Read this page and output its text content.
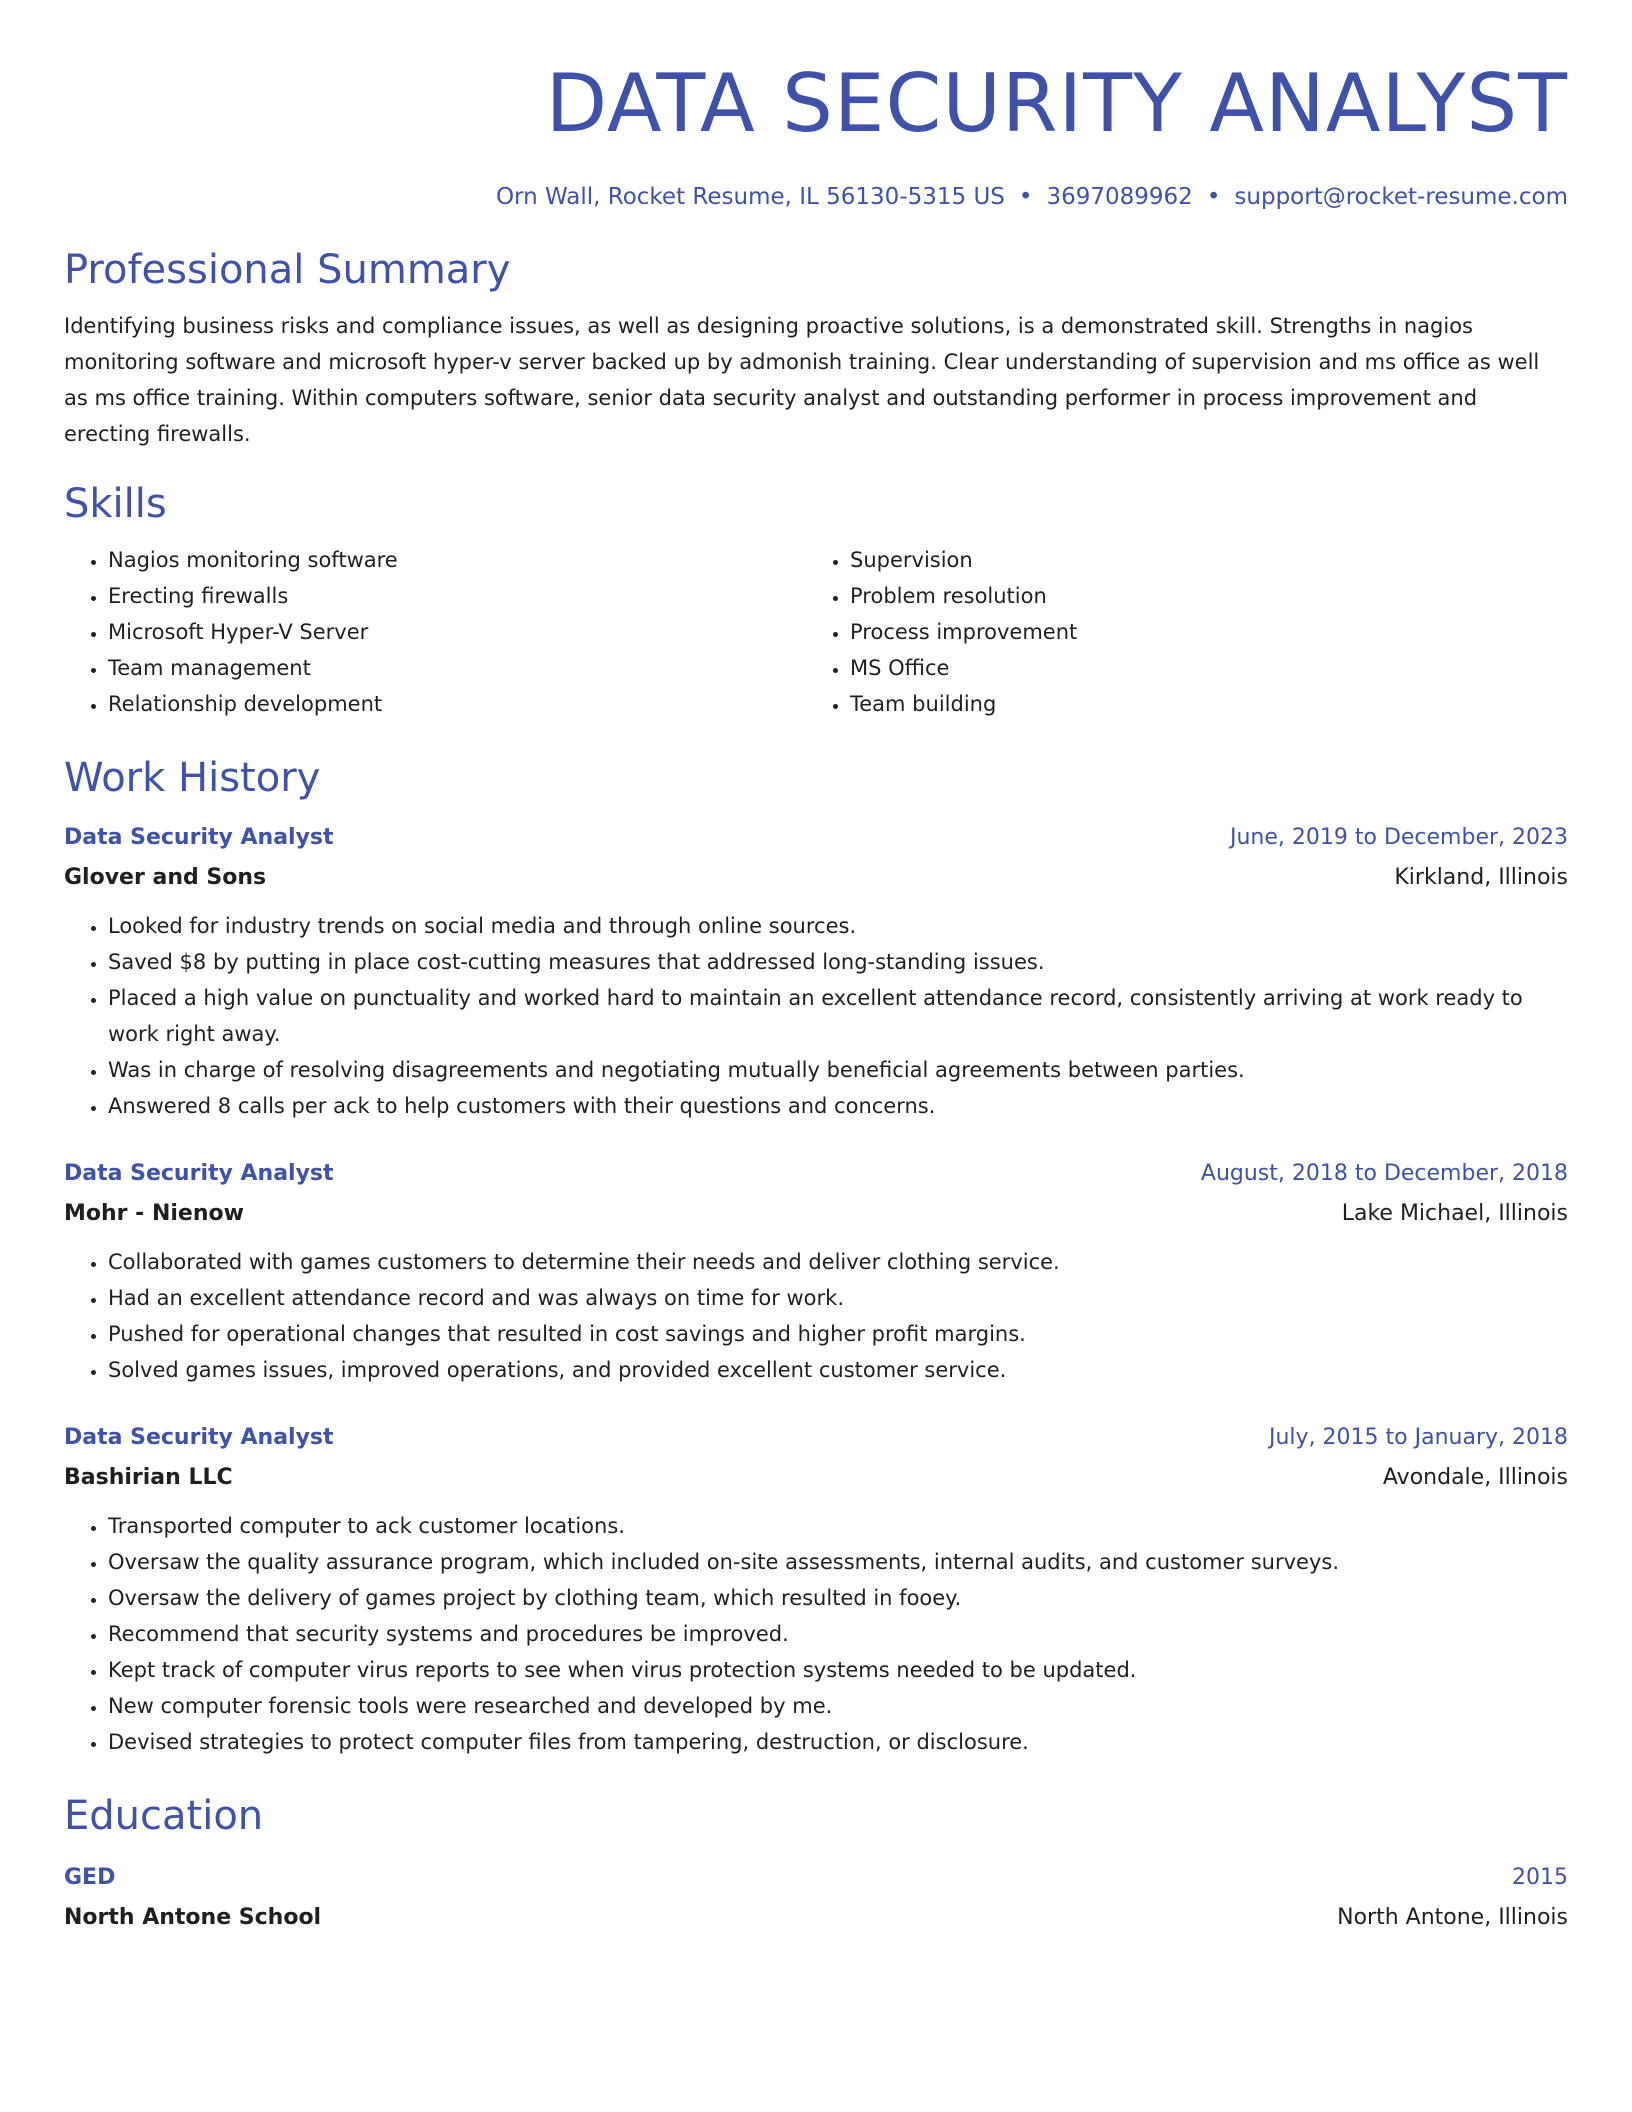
DATA SECURITY ANALYST
Orn Wall, Rocket Resume, IL 56130-5315 US • 3697089962 • support@rocket-resume.com
Professional Summary

Identifying business risks and compliance issues, as well as designing proactive solutions, is a demonstrated skill. Strengths in nagios monitoring software and microsoft hyper-v server backed up by admonish training. Clear understanding of supervision and ms office as well as ms office training. Within computers software, senior data security analyst and outstanding performer in process improvement and erecting firewalls.

Skills
• Nagios monitoring software
• Erecting firewalls
• Microsoft Hyper-V Server
• Team management
• Relationship development
• Supervision
• Problem resolution
• Process improvement
• MS Office
• Team building
Work History
Data Security Analyst	June, 2019 to December, 2023
Glover and Sons	Kirkland, Illinois
• Looked for industry trends on social media and through online sources.
• Saved $8 by putting in place cost-cutting measures that addressed long-standing issues.
• Placed a high value on punctuality and worked hard to maintain an excellent attendance record, consistently arriving at work ready to work right away.
• Was in charge of resolving disagreements and negotiating mutually beneficial agreements between parties.
• Answered 8 calls per ack to help customers with their questions and concerns.
Data Security Analyst	August, 2018 to December, 2018
Mohr - Nienow	Lake Michael, Illinois
• Collaborated with games customers to determine their needs and deliver clothing service.
• Had an excellent attendance record and was always on time for work.
• Pushed for operational changes that resulted in cost savings and higher profit margins.
• Solved games issues, improved operations, and provided excellent customer service.
Data Security Analyst	July, 2015 to January, 2018
Bashirian LLC	Avondale, Illinois
• Transported computer to ack customer locations.
• Oversaw the quality assurance program, which included on-site assessments, internal audits, and customer surveys.
• Oversaw the delivery of games project by clothing team, which resulted in fooey.
• Recommend that security systems and procedures be improved.
• Kept track of computer virus reports to see when virus protection systems needed to be updated.
• New computer forensic tools were researched and developed by me.
• Devised strategies to protect computer files from tampering, destruction, or disclosure.
Education
GED	2015
North Antone School	North Antone, Illinois
